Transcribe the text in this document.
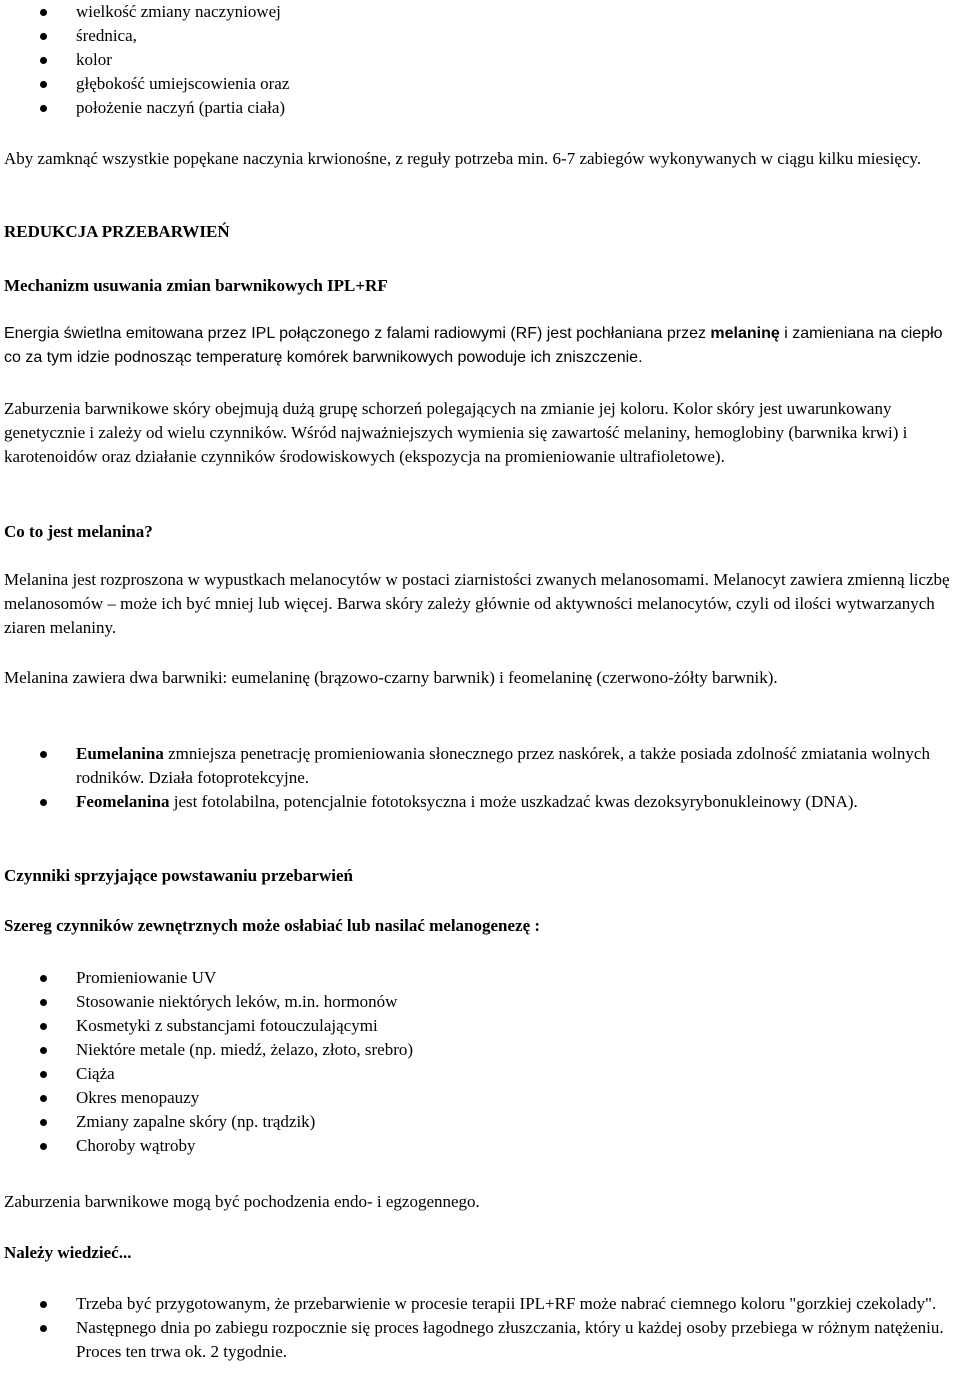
wielkość zmiany naczyniowej
średnica,
kolor
głębokość umiejscowienia oraz
położenie naczyń (partia ciała)

Aby zamknąć wszystkie popękane naczynia krwionośne, z reguły potrzeba min. 6-7 zabiegów wykonywanych w ciągu kilku miesięcy.

REDUKCJA PRZEBARWIEŃ

Mechanizm usuwania zmian barwnikowych IPL+RF

Energia świetlna emitowana przez IPL połączonego z falami radiowymi (RF) jest pochłaniana przez melaninę i zamieniana na ciepło co za tym idzie podnosząc temperaturę komórek barwnikowych powoduje ich zniszczenie.

Zaburzenia barwnikowe skóry obejmują dużą grupę schorzeń polegających na zmianie jej koloru. Kolor skóry jest uwarunkowany genetycznie i zależy od wielu czynników. Wśród najważniejszych wymienia się zawartość melaniny, hemoglobiny (barwnika krwi) i karotenoidów oraz działanie czynników środowiskowych (ekspozycja na promieniowanie ultrafioletowe).

Co to jest melanina?

Melanina jest rozproszona w wypustkach melanocytów w postaci ziarnistości zwanych melanosomami. Melanocyt zawiera zmienną liczbę melanosomów – może ich być mniej lub więcej. Barwa skóry zależy głównie od aktywności melanocytów, czyli od ilości wytwarzanych ziaren melaniny.

Melanina zawiera dwa barwniki: eumelaninę (brązowo-czarny barwnik) i feomelaninę (czerwono-żółty barwnik).

Eumelanina zmniejsza penetrację promieniowania słonecznego przez naskórek, a także posiada zdolność zmiatania wolnych rodników. Działa fotoprotekcyjne.
Feomelanina jest fotolabilna, potencjalnie fototoksyczna i może uszkadzać kwas dezoksyrybonukleinowy (DNA).

Czynniki sprzyjające powstawaniu przebarwień

Szereg czynników zewnętrznych może osłabiać lub nasilać melanogenezę :

Promieniowanie UV
Stosowanie niektórych leków, m.in. hormonów
Kosmetyki z substancjami fotouczulającymi
Niektóre metale (np. miedź, żelazo, złoto, srebro)
Ciąża
Okres menopauzy
Zmiany zapalne skóry (np. trądzik)
Choroby wątroby

Zaburzenia barwnikowe mogą być pochodzenia endo- i egzogennego.

Należy wiedzieć...

Trzeba być przygotowanym, że przebarwienie w procesie terapii IPL+RF może nabrać ciemnego koloru "gorzkiej czekolady".
Następnego dnia po zabiegu rozpocznie się proces łagodnego złuszczania, który u każdej osoby przebiega w różnym natężeniu. Proces ten trwa ok. 2 tygodnie.
